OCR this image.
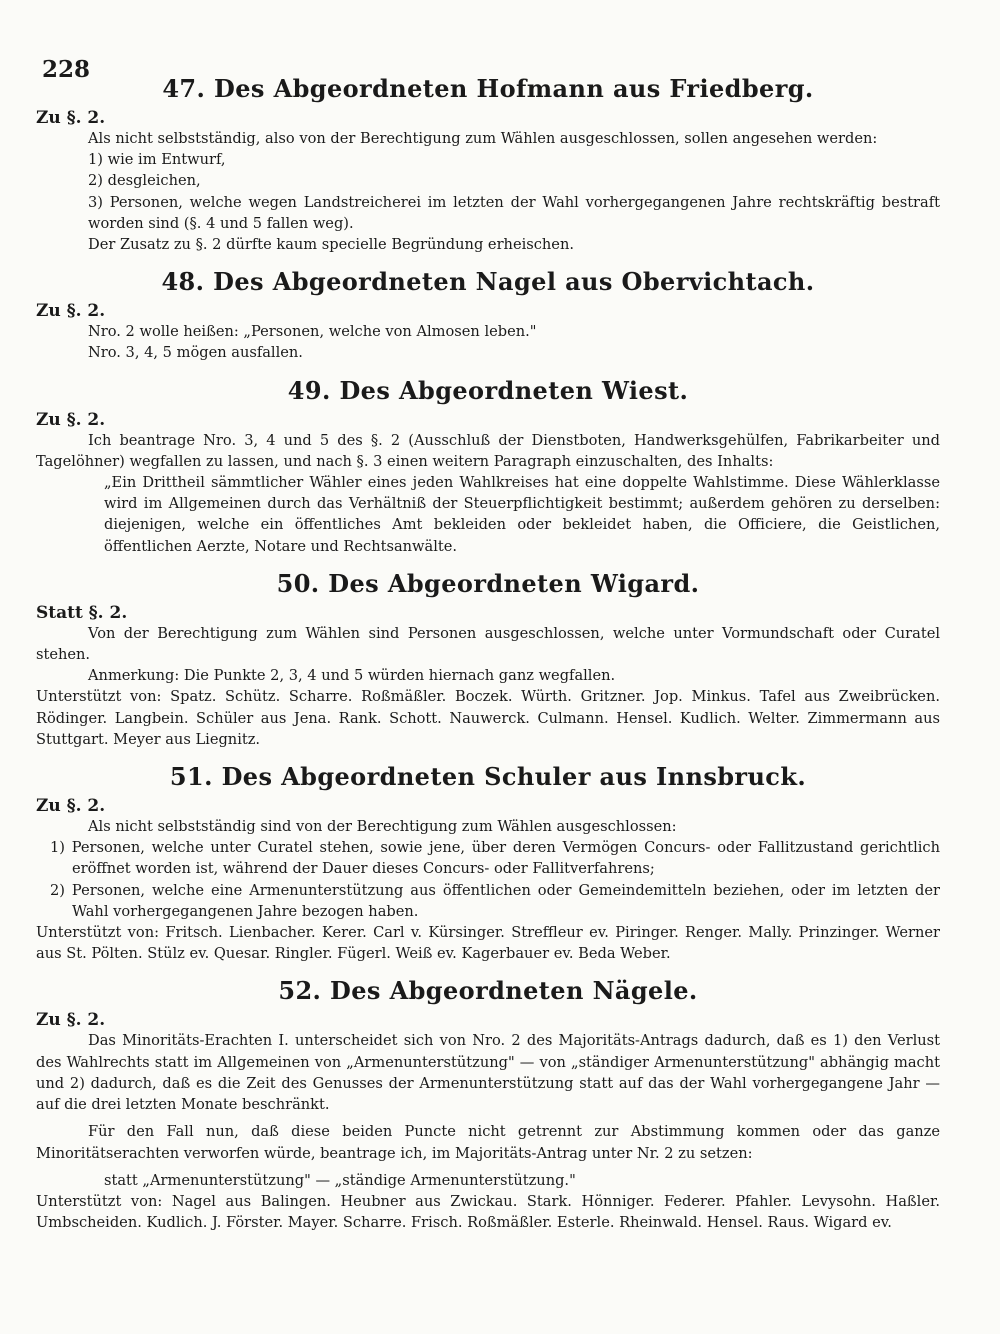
228
47. Des Abgeordneten Hofmann aus Friedberg.
Zu §. 2.

Als nicht selbstständig, also von der Berechtigung zum Wählen ausgeschlossen, sollen angesehen werden:

1) wie im Entwurf,

2) desgleichen,

3) Personen, welche wegen Landstreicherei im letzten der Wahl vorhergegangenen Jahre rechtskräftig bestraft worden sind (§. 4 und 5 fallen weg).

Der Zusatz zu §. 2 dürfte kaum specielle Begründung erheischen.

48. Des Abgeordneten Nagel aus Obervichtach.
Zu §. 2.

Nro. 2 wolle heißen: „Personen, welche von Almosen leben."

Nro. 3, 4, 5 mögen ausfallen.

49. Des Abgeordneten Wiest.
Zu §. 2.

Ich beantrage Nro. 3, 4 und 5 des §. 2 (Ausschluß der Dienstboten, Handwerksgehülfen, Fabrikarbeiter und Tagelöhner) wegfallen zu lassen, und nach §. 3 einen weitern Paragraph einzuschalten, des Inhalts:

„Ein Drittheil sämmtlicher Wähler eines jeden Wahlkreises hat eine doppelte Wahlstimme. Diese Wählerklasse wird im Allgemeinen durch das Verhältniß der Steuerpflichtigkeit bestimmt; außerdem gehören zu derselben: diejenigen, welche ein öffentliches Amt bekleiden oder bekleidet haben, die Officiere, die Geistlichen, öffentlichen Aerzte, Notare und Rechtsanwälte.

50. Des Abgeordneten Wigard.
Statt §. 2.

Von der Berechtigung zum Wählen sind Personen ausgeschlossen, welche unter Vormundschaft oder Curatel stehen.

Anmerkung: Die Punkte 2, 3, 4 und 5 würden hiernach ganz wegfallen.

Unterstützt von: Spatz. Schütz. Scharre. Roßmäßler. Boczek. Würth. Gritzner. Jop. Minkus. Tafel aus Zweibrücken. Rödinger. Langbein. Schüler aus Jena. Rank. Schott. Nauwerck. Culmann. Hensel. Kudlich. Welter. Zimmermann aus Stuttgart. Meyer aus Liegnitz.

51. Des Abgeordneten Schuler aus Innsbruck.
Zu §. 2.

Als nicht selbstständig sind von der Berechtigung zum Wählen ausgeschlossen:

1) Personen, welche unter Curatel stehen, sowie jene, über deren Vermögen Concurs- oder Fallitzustand gerichtlich eröffnet worden ist, während der Dauer dieses Concurs- oder Fallitverfahrens;

2) Personen, welche eine Armenunterstützung aus öffentlichen oder Gemeindemitteln beziehen, oder im letzten der Wahl vorhergegangenen Jahre bezogen haben.

Unterstützt von: Fritsch. Lienbacher. Kerer. Carl v. Kürsinger. Streffleur ev. Piringer. Renger. Mally. Prinzinger. Werner aus St. Pölten. Stülz ev. Quesar. Ringler. Fügerl. Weiß ev. Kagerbauer ev. Beda Weber.

52. Des Abgeordneten Nägele.
Zu §. 2.

Das Minoritäts-Erachten I. unterscheidet sich von Nro. 2 des Majoritäts-Antrags dadurch, daß es 1) den Verlust des Wahlrechts statt im Allgemeinen von „Armenunterstützung" — von „ständiger Armenunterstützung" abhängig macht und 2) dadurch, daß es die Zeit des Genusses der Armenunterstützung statt auf das der Wahl vorhergegangene Jahr — auf die drei letzten Monate beschränkt.

Für den Fall nun, daß diese beiden Puncte nicht getrennt zur Abstimmung kommen oder das ganze Minoritätserachten verworfen würde, beantrage ich, im Majoritäts-Antrag unter Nr. 2 zu setzen:

statt „Armenunterstützung" — „ständige Armenunterstützung."

Unterstützt von: Nagel aus Balingen. Heubner aus Zwickau. Stark. Hönniger. Federer. Pfahler. Levysohn. Haßler. Umbscheiden. Kudlich. J. Förster. Mayer. Scharre. Frisch. Roßmäßler. Esterle. Rheinwald. Hensel. Raus. Wigard ev.
